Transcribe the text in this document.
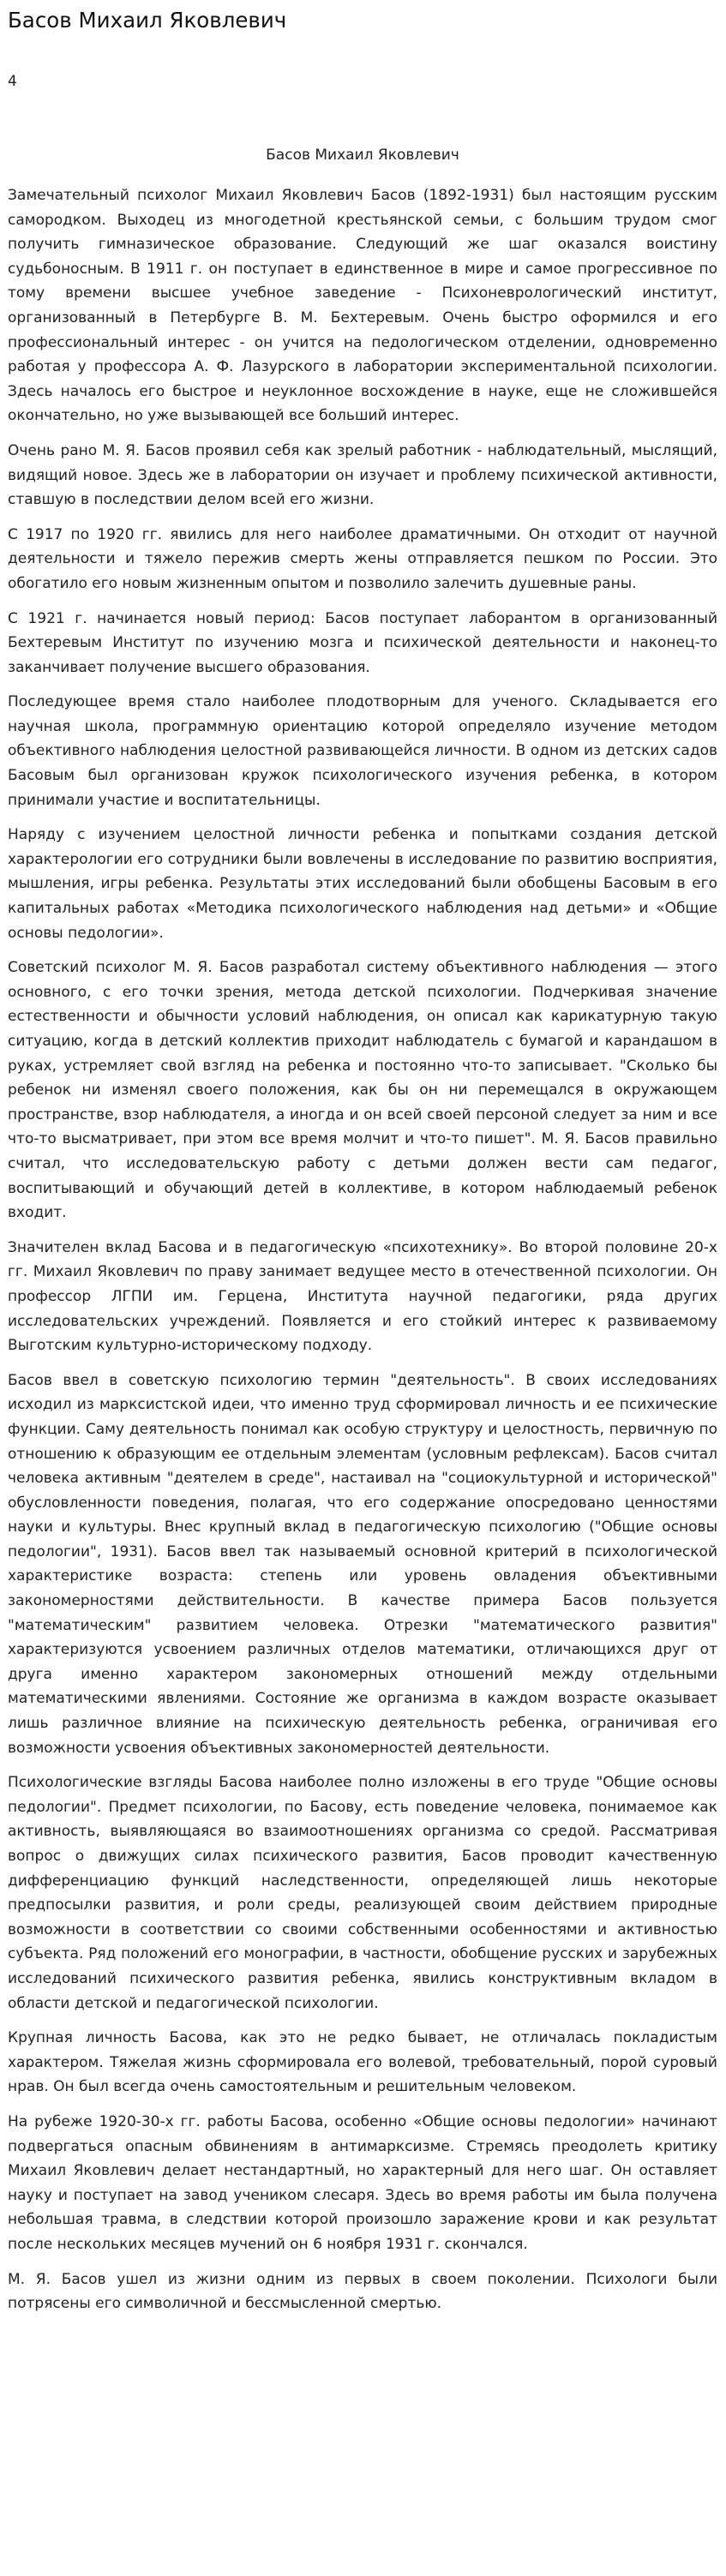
Басов Михаил Яковлевич
4
Басов Михаил Яковлевич

Замечательный психолог Михаил Яковлевич Басов (1892-1931) был настоящим русским самородком. Выходец из многодетной крестьянской семьи, с большим трудом смог получить гимназическое образование. Следующий же шаг оказался воистину судьбоносным. В 1911 г. он поступает в единственное в мире и самое прогрессивное по тому времени высшее учебное заведение - Психоневрологический институт, организованный в Петербурге В. М. Бехтеревым. Очень быстро оформился и его профессиональный интерес - он учится на педологическом отделении, одновременно работая у профессора А. Ф. Лазурского в лаборатории экспериментальной психологии. Здесь началось его быстрое и неуклонное восхождение в науке, еще не сложившейся окончательно, но уже вызывающей все больший интерес.

Очень рано М. Я. Басов проявил себя как зрелый работник - наблюдательный, мыслящий, видящий новое. Здесь же в лаборатории он изучает и проблему психической активности, ставшую в последствии делом всей его жизни.

С 1917 по 1920 гг. явились для него наиболее драматичными. Он отходит от научной деятельности и тяжело пережив смерть жены отправляется пешком по России. Это обогатило его новым жизненным опытом и позволило залечить душевные раны.

С 1921 г. начинается новый период: Басов поступает лаборантом в организованный Бехтеревым Институт по изучению мозга и психической деятельности и наконец-то заканчивает получение высшего образования.

Последующее время стало наиболее плодотворным для ученого. Складывается его научная школа, программную ориентацию которой определяло изучение методом объективного наблюдения целостной развивающейся личности. В одном из детских садов Басовым был организован кружок психологического изучения ребенка, в котором принимали участие и воспитательницы.

Наряду с изучением целостной личности ребенка и попытками создания детской характерологии его сотрудники были вовлечены в исследование по развитию восприятия, мышления, игры ребенка. Результаты этих исследований были обобщены Басовым в его капитальных работах «Методика психологического наблюдения над детьми» и «Общие основы педологии».

Советский психолог М. Я. Басов разработал систему объективного наблюдения — этого основного, с его точки зрения, метода детской психологии. Подчеркивая значение естественности и обычности условий наблюдения, он описал как карикатурную такую ситуацию, когда в детский коллектив приходит наблюдатель с бумагой и карандашом в руках, устремляет свой взгляд на ребенка и постоянно что-то записывает. "Сколько бы ребенок ни изменял своего положения, как бы он ни перемещался в окружающем пространстве, взор наблюдателя, а иногда и он всей своей персоной следует за ним и все что-то высматривает, при этом все время молчит и что-то пишет". М. Я. Басов правильно считал, что исследовательскую работу с детьми должен вести сам педагог, воспитывающий и обучающий детей в коллективе, в котором наблюдаемый ребенок входит.

Значителен вклад Басова и в педагогическую «психотехнику». Во второй половине 20-х гг. Михаил Яковлевич по праву занимает ведущее место в отечественной психологии. Он профессор ЛГПИ им. Герцена, Института научной педагогики, ряда других исследовательских учреждений. Появляется и его стойкий интерес к развиваемому Выготским культурно-историческому подходу.

Басов ввел в советскую психологию термин "деятельность". В своих исследованиях исходил из марксистской идеи, что именно труд сформировал личность и ее психические функции. Саму деятельность понимал как особую структуру и целостность, первичную по отношению к образующим ее отдельным элементам (условным рефлексам). Басов считал человека активным "деятелем в среде", настаивал на "социокультурной и исторической" обусловленности поведения, полагая, что его содержание опосредовано ценностями науки и культуры. Внес крупный вклад в педагогическую психологию ("Общие основы педологии", 1931). Басов ввел так называемый основной критерий в психологической характеристике возраста: степень или уровень овладения объективными закономерностями действительности. В качестве примера Басов пользуется "математическим" развитием человека. Отрезки "математического развития" характеризуются усвоением различных отделов математики, отличающихся друг от друга именно характером закономерных отношений между отдельными математическими явлениями. Состояние же организма в каждом возрасте оказывает лишь различное влияние на психическую деятельность ребенка, ограничивая его возможности усвоения объективных закономерностей деятельности.

Психологические взгляды Басова наиболее полно изложены в его труде "Общие основы педологии". Предмет психологии, по Басову, есть поведение человека, понимаемое как активность, выявляющаяся во взаимоотношениях организма со средой. Рассматривая вопрос о движущих силах психического развития, Басов проводит качественную дифференциацию функций наследственности, определяющей лишь некоторые предпосылки развития, и роли среды, реализующей своим действием природные возможности в соответствии со своими собственными особенностями и активностью субъекта. Ряд положений его монографии, в частности, обобщение русских и зарубежных исследований психического развития ребенка, явились конструктивным вкладом в области детской и педагогической психологии.

Крупная личность Басова, как это не редко бывает, не отличалась покладистым характером. Тяжелая жизнь сформировала его волевой, требовательный, порой суровый нрав. Он был всегда очень самостоятельным и решительным человеком.

На рубеже 1920-30-х гг. работы Басова, особенно «Общие основы педологии» начинают подвергаться опасным обвинениям в антимарксизме. Стремясь преодолеть критику Михаил Яковлевич делает нестандартный, но характерный для него шаг. Он оставляет науку и поступает на завод учеником слесаря. Здесь во время работы им была получена небольшая травма, в следствии которой произошло заражение крови и как результат после нескольких месяцев мучений он 6 ноября 1931 г. скончался.

М. Я. Басов ушел из жизни одним из первых в своем поколении. Психологи были потрясены его символичной и бессмысленной смертью.
